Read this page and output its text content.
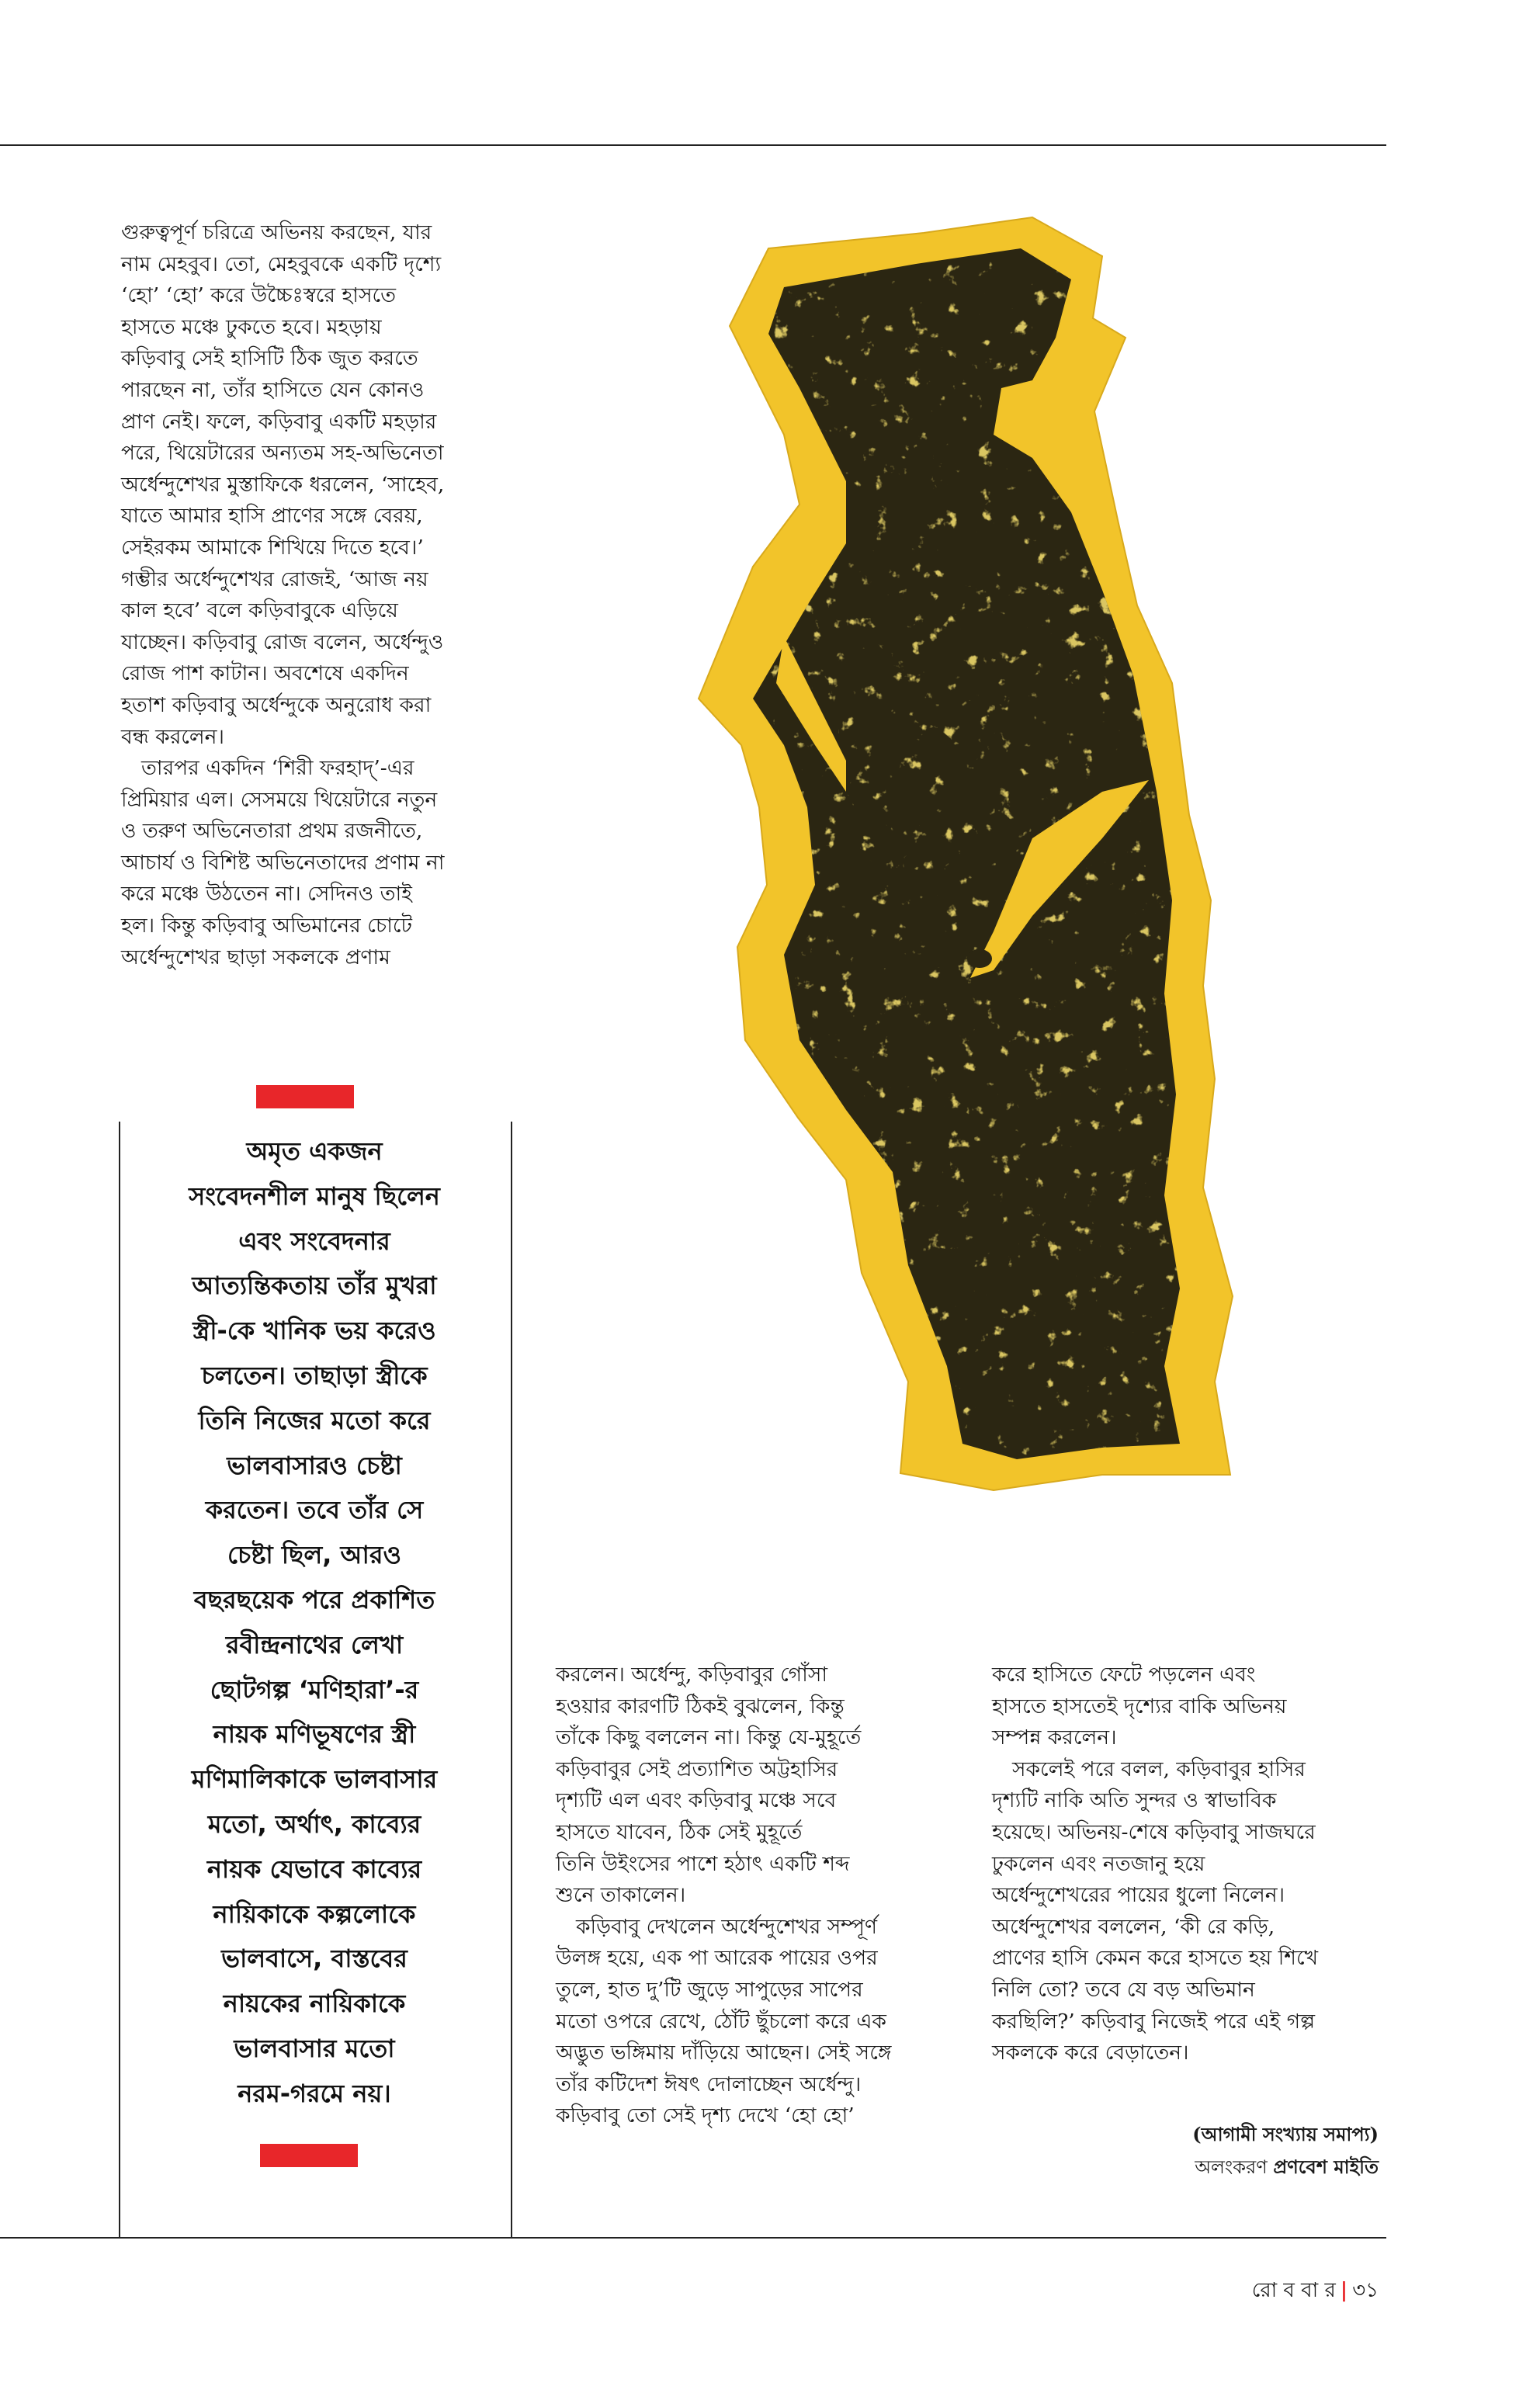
গুরুত্বপূর্ণ চরিত্রে অভিনয় করছেন, যার
নাম মেহবুব। তো, মেহবুবকে একটি দৃশ্যে
‘হো’ ‘হো’ করে উচ্চৈঃস্বরে হাসতে
হাসতে মঞ্চে ঢুকতে হবে। মহড়ায়
কড়িবাবু সেই হাসিটি ঠিক জুত করতে
পারছেন না, তাঁর হাসিতে যেন কোনও
প্রাণ নেই। ফলে, কড়িবাবু একটি মহড়ার
পরে, থিয়েটারের অন্যতম সহ-অভিনেতা
অর্ধেন্দুশেখর মুস্তাফিকে ধরলেন, ‘সাহেব,
যাতে আমার হাসি প্রাণের সঙ্গে বেরয়,
সেইরকম আমাকে শিখিয়ে দিতে হবে।’
গম্ভীর অর্ধেন্দুশেখর রোজই, ‘আজ নয়
কাল হবে’ বলে কড়িবাবুকে এড়িয়ে
যাচ্ছেন। কড়িবাবু রোজ বলেন, অর্ধেন্দুও
রোজ পাশ কাটান। অবশেষে একদিন
হতাশ কড়িবাবু অর্ধেন্দুকে অনুরোধ করা
বন্ধ করলেন।
তারপর একদিন ‘শিরী ফরহাদ্’-এর
প্রিমিয়ার এল। সেসময়ে থিয়েটারে নতুন
ও তরুণ অভিনেতারা প্রথম রজনীতে,
আচার্য ও বিশিষ্ট অভিনেতাদের প্রণাম না
করে মঞ্চে উঠতেন না। সেদিনও তাই
হল। কিন্তু কড়িবাবু অভিমানের চোটে
অর্ধেন্দুশেখর ছাড়া সকলকে প্রণাম
অমৃত একজন
সংবেদনশীল মানুষ ছিলেন
এবং সংবেদনার
আত্যন্তিকতায় তাঁর মুখরা
স্ত্রী-কে খানিক ভয় করেও
চলতেন। তাছাড়া স্ত্রীকে
তিনি নিজের মতো করে
ভালবাসারও চেষ্টা
করতেন। তবে তাঁর সে
চেষ্টা ছিল, আরও
বছরছয়েক পরে প্রকাশিত
রবীন্দ্রনাথের লেখা
ছোটগল্প ‘মণিহারা’-র
নায়ক মণিভূষণের স্ত্রী
মণিমালিকাকে ভালবাসার
মতো, অর্থাৎ, কাব্যের
নায়ক যেভাবে কাব্যের
নায়িকাকে কল্পলোকে
ভালবাসে, বাস্তবের
নায়কের নায়িকাকে
ভালবাসার মতো
নরম-গরমে নয়।
করলেন। অর্ধেন্দু, কড়িবাবুর গোঁসা
হওয়ার কারণটি ঠিকই বুঝলেন, কিন্তু
তাঁকে কিছু বললেন না। কিন্তু যে-মুহূর্তে
কড়িবাবুর সেই প্রত্যাশিত অট্টহাসির
দৃশ্যটি এল এবং কড়িবাবু মঞ্চে সবে
হাসতে যাবেন, ঠিক সেই মুহূর্তে
তিনি উইংসের পাশে হঠাৎ একটি শব্দ
শুনে তাকালেন।
কড়িবাবু দেখলেন অর্ধেন্দুশেখর সম্পূর্ণ
উলঙ্গ হয়ে, এক পা আরেক পায়ের ওপর
তুলে, হাত দু’টি জুড়ে সাপুড়ের সাপের
মতো ওপরে রেখে, ঠোঁট ছুঁচলো করে এক
অদ্ভুত ভঙ্গিমায় দাঁড়িয়ে আছেন। সেই সঙ্গে
তাঁর কটিদেশ ঈষৎ দোলাচ্ছেন অর্ধেন্দু।
কড়িবাবু তো সেই দৃশ্য দেখে ‘হো হো’
করে হাসিতে ফেটে পড়লেন এবং
হাসতে হাসতেই দৃশ্যের বাকি অভিনয়
সম্পন্ন করলেন।
সকলেই পরে বলল, কড়িবাবুর হাসির
দৃশ্যটি নাকি অতি সুন্দর ও স্বাভাবিক
হয়েছে। অভিনয়-শেষে কড়িবাবু সাজঘরে
ঢুকলেন এবং নতজানু হয়ে
অর্ধেন্দুশেখরের পায়ের ধুলো নিলেন।
অর্ধেন্দুশেখর বললেন, ‘কী রে কড়ি,
প্রাণের হাসি কেমন করে হাসতে হয় শিখে
নিলি তো? তবে যে বড় অভিমান
করছিলি?’ কড়িবাবু নিজেই পরে এই গল্প
সকলকে করে বেড়াতেন।
(আগামী সংখ্যায় সমাপ্য)
অলংকরণ প্রণবেশ মাইতি
রো ব বা র | ৩১
